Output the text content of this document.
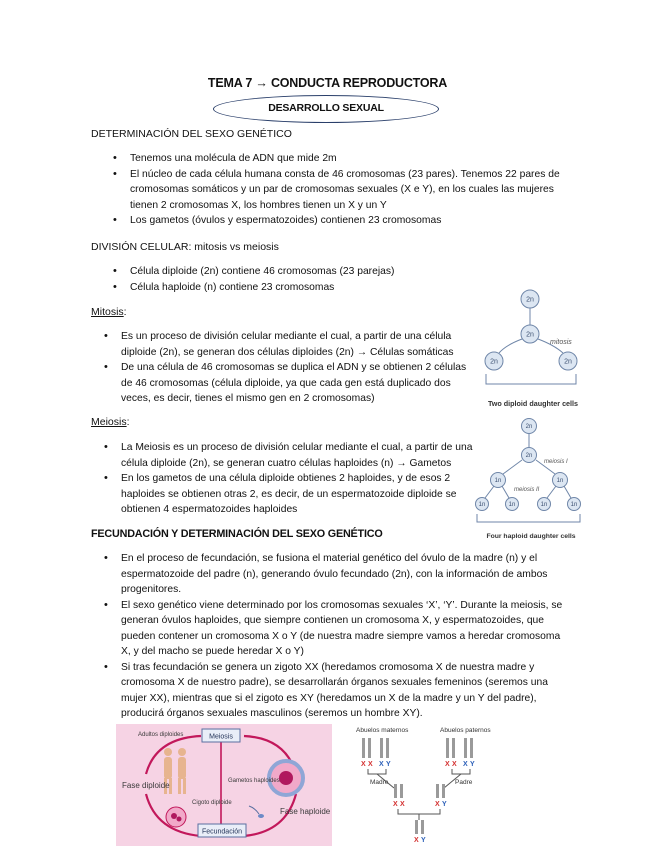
TEMA 7 → CONDUCTA REPRODUCTORA
DESARROLLO SEXUAL
DETERMINACIÓN DEL SEXO GENÉTICO
• Tenemos una molécula de ADN que mide 2m
• El núcleo de cada célula humana consta de 46 cromosomas (23 pares). Tenemos 22 pares de cromosomas somáticos y un par de cromosomas sexuales (X e Y), en los cuales las mujeres tienen 2 cromosomas X, los hombres tienen un X y un Y
• Los gametos (óvulos y espermatozoides) contienen 23 cromosomas
DIVISIÓN CELULAR: mitosis vs meiosis
• Célula diploide (2n) contiene 46 cromosomas (23 parejas)
• Célula haploide (n) contiene 23 cromosomas
Mitosis:
• Es un proceso de división celular mediante el cual, a partir de una célula diploide (2n), se generan dos células diploides (2n) → Células somáticas
• De una célula de 46 cromosomas se duplica el ADN y se obtienen 2 células de 46 cromosomas (célula diploide, ya que cada gen está duplicado dos veces, es decir, tienes el mismo gen en 2 cromosomas)
2n
2n
2n	2n
mitosis
Two diploid daughter cells
Meiosis:
• La Meiosis es un proceso de división celular mediante el cual, a partir de una célula diploide (2n), se generan cuatro células haploides (n) → Gametos
• En los gametos de una célula diploide obtienes 2 haploides, y de esos 2 haploides se obtienen otras 2, es decir, de un espermatozoide diploide se obtienen 4 espermatozoides haploides
2n
2n
1n	1n
1n	1n	1n	1n
meiosis I
meiosis II
Four haploid daughter cells
FECUNDACIÓN Y DETERMINACIÓN DEL SEXO GENÉTICO
• En el proceso de fecundación, se fusiona el material genético del óvulo de la madre (n) y el espermatozoide del padre (n), generando óvulo fecundado (2n), con la información de ambos progenitores.
• El sexo genético viene determinado por los cromosomas sexuales ‘X’, ‘Y’. Durante la meiosis, se generan óvulos haploides, que siempre contienen un cromosoma X, y espermatozoides, que pueden contener un cromosoma X o Y (de nuestra madre siempre vamos a heredar cromosoma X, y del macho se puede heredar X o Y)
• Si tras fecundación se genera un zigoto XX (heredamos cromosoma X de nuestra madre y cromosoma X de nuestro padre), se desarrollarán órganos sexuales femeninos (seremos una mujer XX), mientras que si el zigoto es XY (heredamos un X de la madre y un Y del padre), producirá órganos sexuales masculinos (seremos un hombre XY).
Meiosis
Fecundación
Adultos diploides
Gametos haploides
Cigoto diploide
Fase diploide
Fase haploide
Abuelos maternos	Abuelos paternos
Madre	Padre
X X X Y	X X X Y
X X	X Y
X Y
